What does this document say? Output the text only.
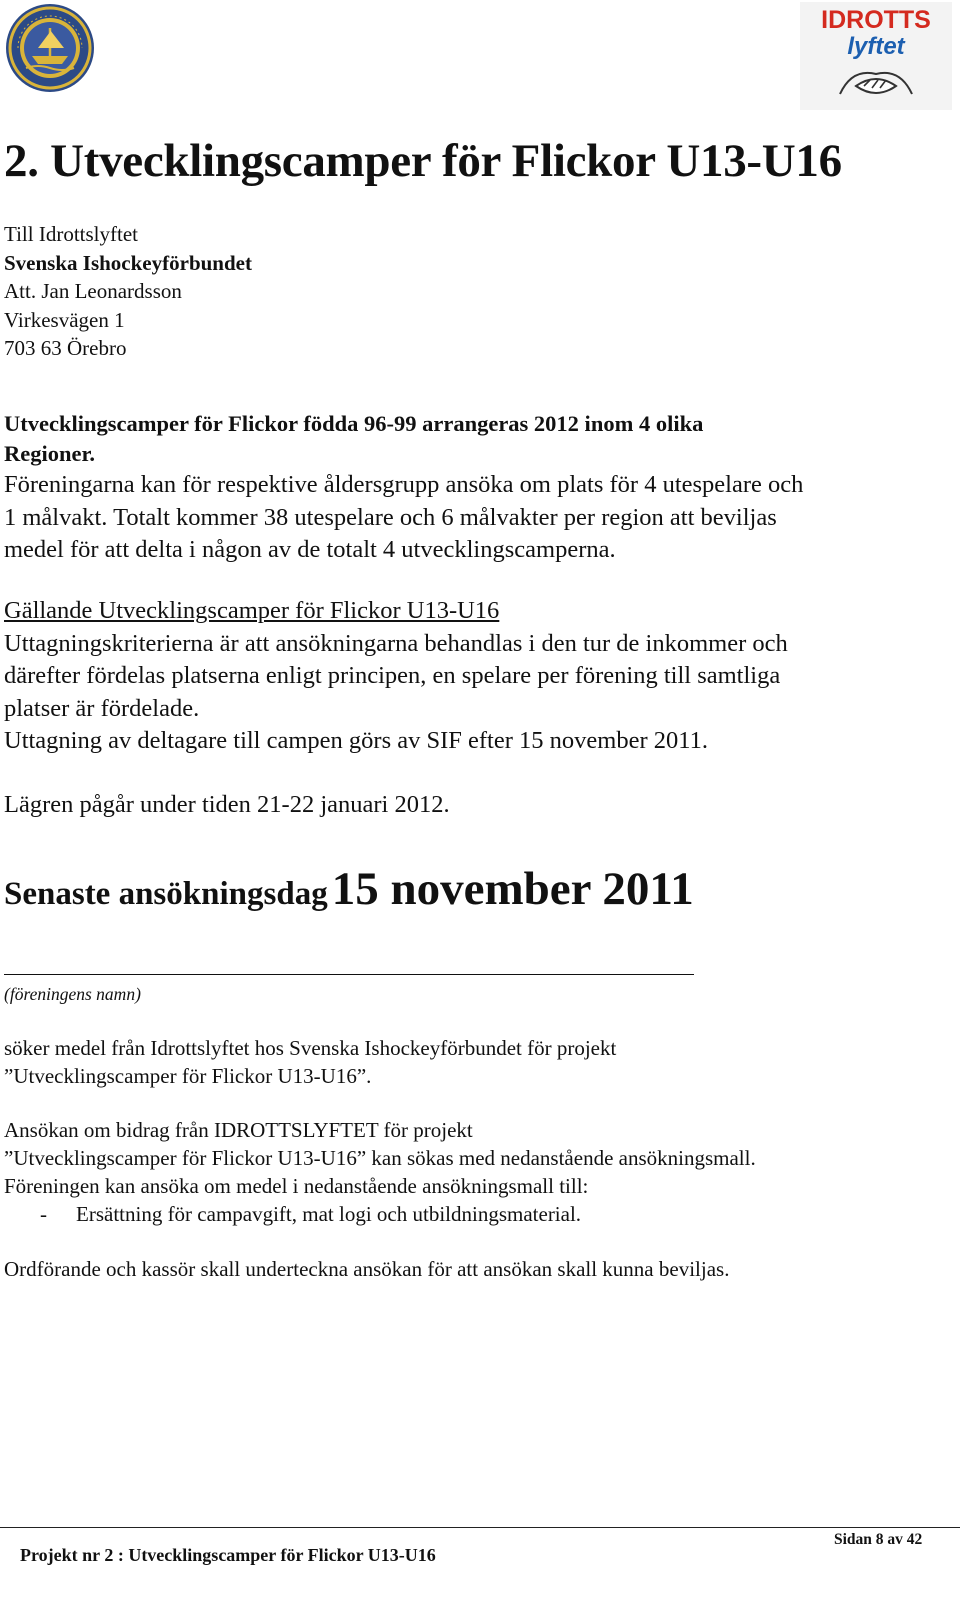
IDROTTS
lyftet
2. Utvecklingscamper för Flickor U13-U16
Till Idrottslyftet
Svenska Ishockeyförbundet
Att. Jan Leonardsson
Virkesvägen 1
703 63 Örebro
Utvecklingscamper för Flickor födda 96-99 arrangeras 2012 inom 4 olika
Regioner.
Föreningarna kan för respektive åldersgrupp ansöka om plats för 4 utespelare och
1 målvakt. Totalt kommer 38 utespelare och 6 målvakter per region att beviljas
medel för att delta i någon av de totalt 4 utvecklingscamperna.
Gällande Utvecklingscamper för Flickor U13-U16
Uttagningskriterierna är att ansökningarna behandlas i den tur de inkommer och
därefter fördelas platserna enligt principen, en spelare per förening till samtliga
platser är fördelade.
Uttagning av deltagare till campen görs av SIF efter 15 november 2011.
Lägren pågår under tiden 21-22 januari 2012.
Senaste ansökningsdag 15 november 2011
(föreningens namn)
söker medel från Idrottslyftet hos Svenska Ishockeyförbundet för projekt
”Utvecklingscamper för Flickor U13-U16”.
Ansökan om bidrag från IDROTTSLYFTET för projekt
”Utvecklingscamper för Flickor U13-U16” kan sökas med nedanstående ansökningsmall.
Föreningen kan ansöka om medel i nedanstående ansökningsmall till:
- Ersättning för campavgift, mat logi och utbildningsmaterial.
Ordförande och kassör skall underteckna ansökan för att ansökan skall kunna beviljas.
Sidan 8 av 42
Projekt nr 2 : Utvecklingscamper för Flickor U13-U16
